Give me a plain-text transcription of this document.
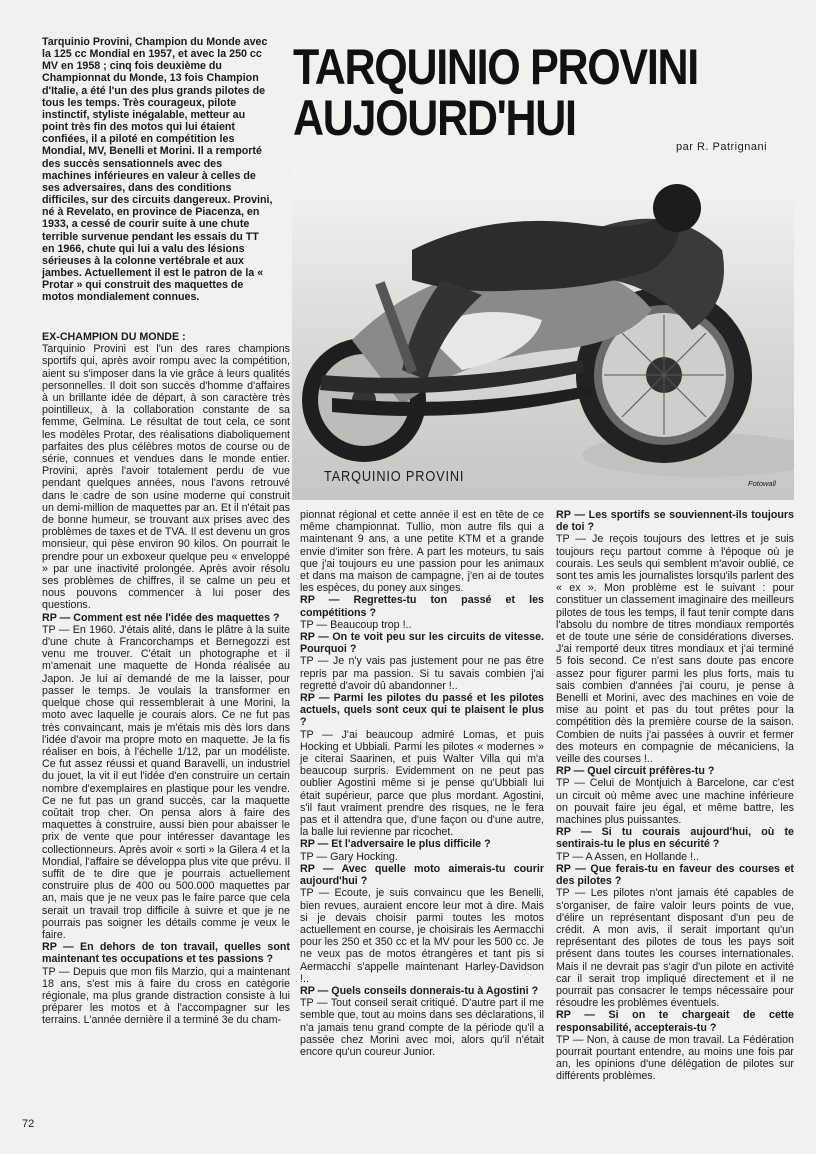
Tarquinio Provini, Champion du Monde avec la 125 cc Mondial en 1957, et avec la 250 cc MV en 1958 ; cinq fois deuxième du Championnat du Monde, 13 fois Champion d'Italie, a été l'un des plus grands pilotes de tous les temps. Très courageux, pilote instinctif, styliste inégalable, metteur au point très fin des motos qui lui étaient confiées, il a piloté en compétition les Mondial, MV, Benelli et Morini. Il a remporté des succès sensationnels avec des machines inférieures en valeur à celles de ses adversaires, dans des conditions difficiles, sur des circuits dangereux. Provini, né à Revelato, en province de Piacenza, en 1933, a cessé de courir suite à une chute terrible survenue pendant les essais du TT en 1966, chute qui lui a valu des lésions sérieuses à la colonne vertébrale et aux jambes. Actuellement il est le patron de la « Protar » qui construit des maquettes de motos mondialement connues.
TARQUINIO PROVINI
AUJOURD'HUI
par R. Patrignani
TARQUINIO PROVINI	Fotowall

EX-CHAMPION DU MONDE :

Tarquinio Provini est l'un des rares champions sportifs qui, après avoir rompu avec la compétition, aient su s'imposer dans la vie grâce à leurs qualités personnelles. Il doit son succès d'homme d'affaires à un brillante idée de départ, à son caractère très pointilleux, à la collaboration constante de sa femme, Gelmina. Le résultat de tout cela, ce sont les modèles Protar, des réalisations diaboliquement parfaites des plus célèbres motos de course ou de série, connues et vendues dans le monde entier. Provini, après l'avoir totalement perdu de vue pendant quelques années, nous l'avons retrouvé dans le cadre de son usine moderne qui construit un demi-million de maquettes par an. Et il n'était pas de bonne humeur, se trouvant aux prises avec des problèmes de taxes et de TVA. Il est devenu un gros monsieur, qui pèse environ 90 kilos. On pourrait le prendre pour un exboxeur quelque peu « enveloppé » par une inactivité prolongée. Après avoir résolu ses problèmes de chiffres, il se calme un peu et nous pouvons commencer à lui poser des questions.

RP — Comment est née l'idée des maquettes ?

TP — En 1960. J'étais alité, dans le plâtre à la suite d'une chute à Francorchamps et Bernegozzi est venu me trouver. C'était un photographe et il m'amenait une maquette de Honda réalisée au Japon. Je lui ai demandé de me la laisser, pour passer le temps. Je voulais la transformer en quelque chose qui ressemblerait à une Morini, la moto avec laquelle je courais alors. Ce ne fut pas très convaincant, mais je m'étais mis dès lors dans l'idée d'avoir ma propre moto en maquette. Je la fis réaliser en bois, à l'échelle 1/12, par un modéliste. Ce fut assez réussi et quand Baravelli, un industriel du jouet, la vit il eut l'idée d'en construire un certain nombre d'exemplaires en plastique pour les vendre. Ce ne fut pas un grand succès, car la maquette coûtait trop cher. On pensa alors à faire des maquettes à construire, aussi bien pour abaisser le prix de vente que pour intéresser davantage les collectionneurs. Après avoir « sorti » la Gilera 4 et la Mondial, l'affaire se développa plus vite que prévu. Il suffit de te dire que je pourrais actuellement construire plus de 400 ou 500.000 maquettes par an, mais que je ne veux pas le faire parce que cela serait un travail trop difficile à suivre et que je ne pourrais pas soigner les détails comme je veux le faire.

RP — En dehors de ton travail, quelles sont maintenant tes occupations et tes passions ?

TP — Depuis que mon fils Marzio, qui a maintenant 18 ans, s'est mis à faire du cross en catégorie régionale, ma plus grande distraction consiste à lui préparer les motos et à l'accompagner sur les terrains. L'année dernière il a terminé 3e du cham-

pionnat régional et cette année il est en tête de ce même championnat. Tullio, mon autre fils qui a maintenant 9 ans, a une petite KTM et a grande envie d'imiter son frère. A part les moteurs, tu sais que j'ai toujours eu une passion pour les animaux et dans ma maison de campagne, j'en ai de toutes les espèces, du poney aux singes.

RP — Regrettes-tu ton passé et les compétitions ?

TP — Beaucoup trop !..

RP — On te voit peu sur les circuits de vitesse. Pourquoi ?

TP — Je n'y vais pas justement pour ne pas être repris par ma passion. Si tu savais combien j'ai regretté d'avoir dû abandonner !..

RP — Parmi les pilotes du passé et les pilotes actuels, quels sont ceux qui te plaisent le plus ?

TP — J'ai beaucoup admiré Lomas, et puis Hocking et Ubbiali. Parmi les pilotes « modernes » je citerai Saarinen, et puis Walter Villa qui m'a beaucoup surpris. Evidemment on ne peut pas oublier Agostini même si je pense qu'Ubbiali lui était supérieur, parce que plus mordant. Agostini, s'il faut vraiment prendre des risques, ne le fera pas et il attendra que, d'une façon ou d'une autre, la balle lui revienne par ricochet.

RP — Et l'adversaire le plus difficile ?

TP — Gary Hocking.

RP — Avec quelle moto aimerais-tu courir aujourd'hui ?

TP — Ecoute, je suis convaincu que les Benelli, bien revues, auraient encore leur mot à dire. Mais si je devais choisir parmi toutes les motos actuellement en course, je choisirais les Aermacchi pour les 250 et 350 cc et la MV pour les 500 cc. Je ne veux pas de motos étrangères et tant pis si Aermacchi s'appelle maintenant Harley-Davidson !..

RP — Quels conseils donnerais-tu à Agostini ?

TP — Tout conseil serait critiqué. D'autre part il me semble que, tout au moins dans ses déclarations, il n'a jamais tenu grand compte de la période qu'il a passée chez Morini avec moi, alors qu'il n'était encore qu'un coureur Junior.

RP — Les sportifs se souviennent-ils toujours de toi ?

TP — Je reçois toujours des lettres et je suis toujours reçu partout comme à l'époque où je courais. Les seuls qui semblent m'avoir oublié, ce sont tes amis les journalistes lorsqu'ils parlent des « ex ». Mon problème est le suivant : pour constituer un classement imaginaire des meilleurs pilotes de tous les temps, il faut tenir compte dans l'absolu du nombre de titres mondiaux remportés et de toute une série de considérations diverses. J'ai remporté deux titres mondiaux et j'ai terminé 5 fois second. Ce n'est sans doute pas encore assez pour figurer parmi les plus forts, mais tu sais combien d'années j'ai couru, je pense à Benelli et Morini, avec des machines en voie de mise au point et pas du tout prêtes pour la compétition dès la première course de la saison. Combien de nuits j'ai passées à ouvrir et fermer des moteurs en compagnie de mécaniciens, la veille des courses !..

RP — Quel circuit préfères-tu ?

TP — Celui de Montjuich à Barcelone, car c'est un circuit où même avec une machine inférieure on pouvait faire jeu égal, et même battre, les machines plus puissantes.

RP — Si tu courais aujourd'hui, où te sentirais-tu le plus en sécurité ?

TP — A Assen, en Hollande !..

RP — Que ferais-tu en faveur des courses et des pilotes ?

TP — Les pilotes n'ont jamais été capables de s'organiser, de faire valoir leurs points de vue, d'élire un représentant disposant d'un peu de crédit. A mon avis, il serait important qu'un représentant des pilotes de tous les pays soit présent dans toutes les courses internationales. Mais il ne devrait pas s'agir d'un pilote en activité car il serait trop impliqué directement et il ne pourrait pas consacrer le temps nécessaire pour résoudre les problèmes éventuels.

RP — Si on te chargeait de cette responsabilité, accepterais-tu ?

TP — Non, à cause de mon travail. La Fédération pourrait pourtant entendre, au moins une fois par an, les opinions d'une délégation de pilotes sur différents problèmes.

72
